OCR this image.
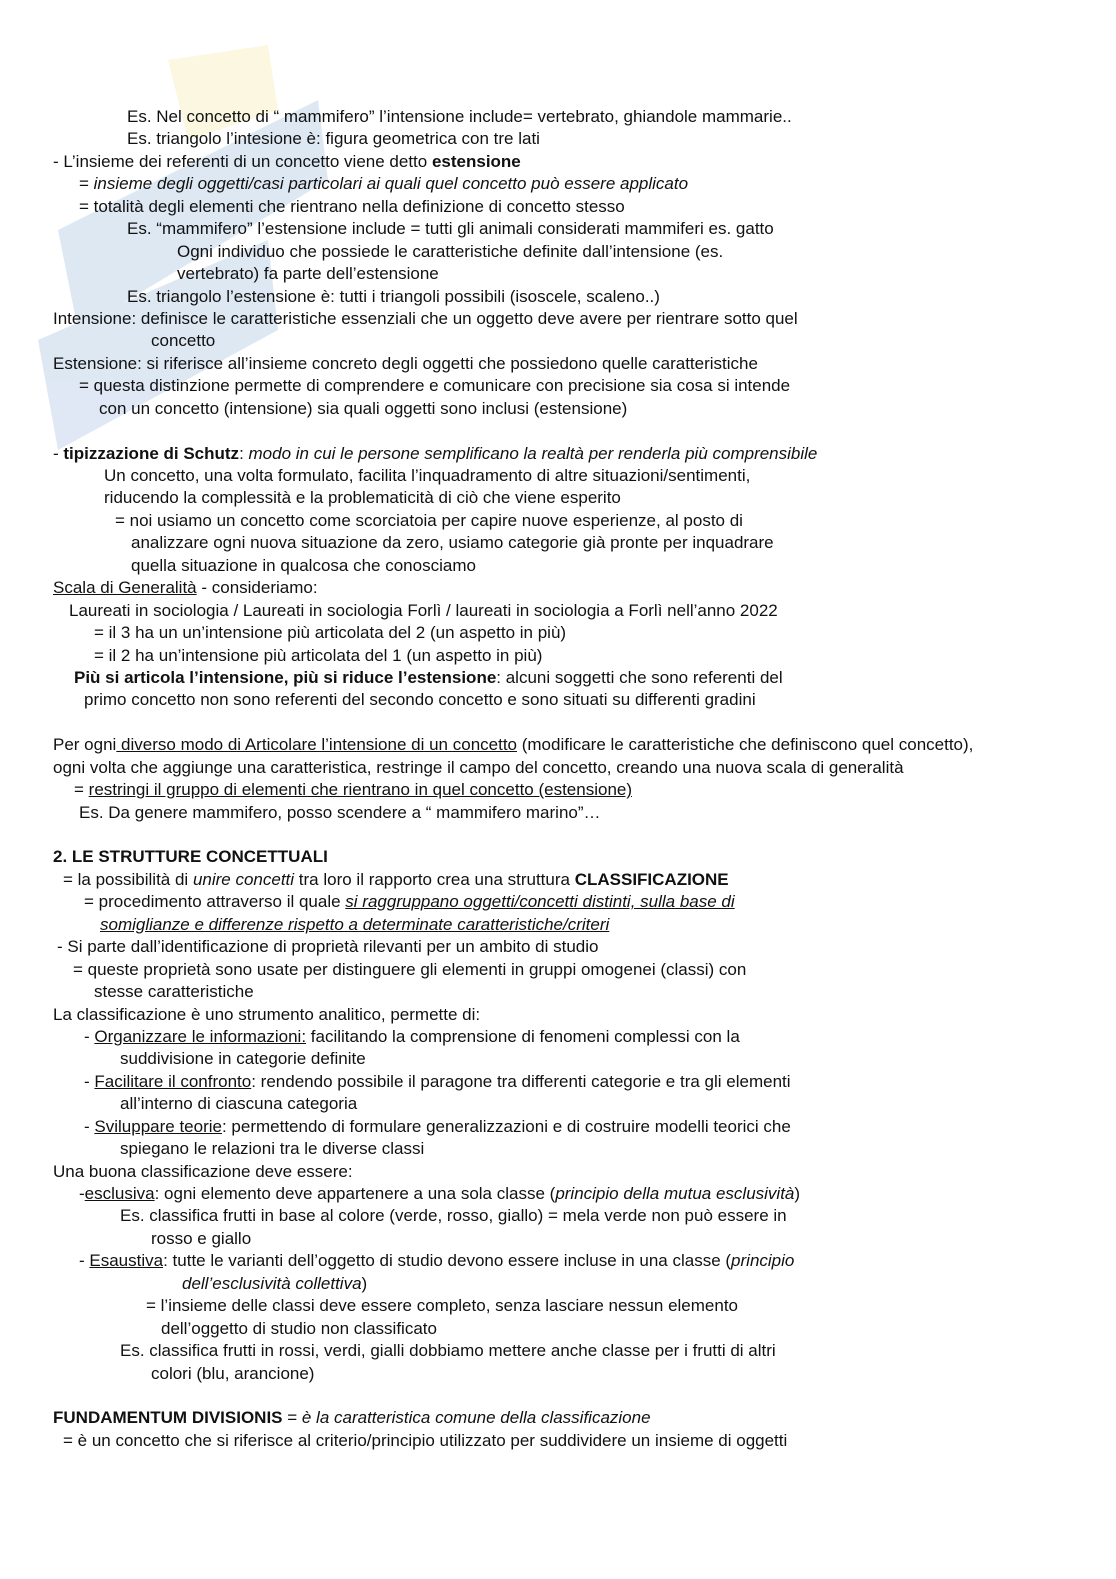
Es. Nel concetto di “ mammifero” l’intensione include= vertebrato, ghiandole mammarie..
Es. triangolo l’intesione è: figura geometrica con tre lati
- L’insieme dei referenti di un concetto viene detto estensione
= insieme degli oggetti/casi particolari ai quali quel concetto può essere applicato
= totalità degli elementi che rientrano nella definizione di concetto stesso
Es. “mammifero” l’estensione include = tutti gli animali considerati mammiferi es. gatto
Ogni individuo che possiede le caratteristiche definite dall’intensione (es.
vertebrato) fa parte dell’estensione
Es. triangolo l’estensione è: tutti i triangoli possibili (isoscele, scaleno..)
Intensione: definisce le caratteristiche essenziali che un oggetto deve avere per rientrare sotto quel
concetto
Estensione: si riferisce all’insieme concreto degli oggetti che possiedono quelle caratteristiche
= questa distinzione permette di comprendere e comunicare con precisione sia cosa si intende
con un concetto (intensione) sia quali oggetti sono inclusi (estensione)
- tipizzazione di Schutz: modo in cui le persone semplificano la realtà per renderla più comprensibile
Un concetto, una volta formulato, facilita l’inquadramento di altre situazioni/sentimenti,
riducendo la complessità e la problematicità di ciò che viene esperito
= noi usiamo un concetto come scorciatoia per capire nuove esperienze, al posto di
analizzare ogni nuova situazione da zero, usiamo categorie già pronte per inquadrare
quella situazione in qualcosa che conosciamo
Scala di Generalità - consideriamo:
Laureati in sociologia / Laureati in sociologia Forlì / laureati in sociologia a Forlì nell’anno 2022
= il 3 ha un un’intensione più articolata del 2 (un aspetto in più)
= il 2 ha un’intensione più articolata del 1 (un aspetto in più)
Più si articola l’intensione, più si riduce l’estensione: alcuni soggetti che sono referenti del
primo concetto non sono referenti del secondo concetto e sono situati su differenti gradini
Per ogni diverso modo di Articolare l’intensione di un concetto (modificare le caratteristiche che definiscono quel concetto),
ogni volta che aggiunge una caratteristica, restringe il campo del concetto, creando una nuova scala di generalità
= restringi il gruppo di elementi che rientrano in quel concetto (estensione)
Es. Da genere mammifero, posso scendere a “ mammifero marino”…
2. LE STRUTTURE CONCETTUALI
= la possibilità di unire concetti tra loro il rapporto crea una struttura CLASSIFICAZIONE
= procedimento attraverso il quale si raggruppano oggetti/concetti distinti, sulla base di
somiglianze e differenze rispetto a determinate caratteristiche/criteri
- Si parte dall’identificazione di proprietà rilevanti per un ambito di studio
= queste proprietà sono usate per distinguere gli elementi in gruppi omogenei (classi) con
stesse caratteristiche
La classificazione è uno strumento analitico, permette di:
- Organizzare le informazioni: facilitando la comprensione di fenomeni complessi con la
suddivisione in categorie definite
- Facilitare il confronto: rendendo possibile il paragone tra differenti categorie e tra gli elementi
all’interno di ciascuna categoria
- Sviluppare teorie: permettendo di formulare generalizzazioni e di costruire modelli teorici che
spiegano le relazioni tra le diverse classi
Una buona classificazione deve essere:
-esclusiva: ogni elemento deve appartenere a una sola classe (principio della mutua esclusività)
Es. classifica frutti in base al colore (verde, rosso, giallo) = mela verde non può essere in
rosso e giallo
- Esaustiva: tutte le varianti dell’oggetto di studio devono essere incluse in una classe (principio
dell’esclusività collettiva)
= l’insieme delle classi deve essere completo, senza lasciare nessun elemento
dell’oggetto di studio non classificato
Es. classifica frutti in rossi, verdi, gialli dobbiamo mettere anche classe per i frutti di altri
colori (blu, arancione)
FUNDAMENTUM DIVISIONIS = è la caratteristica comune della classificazione
= è un concetto che si riferisce al criterio/principio utilizzato per suddividere un insieme di oggetti
